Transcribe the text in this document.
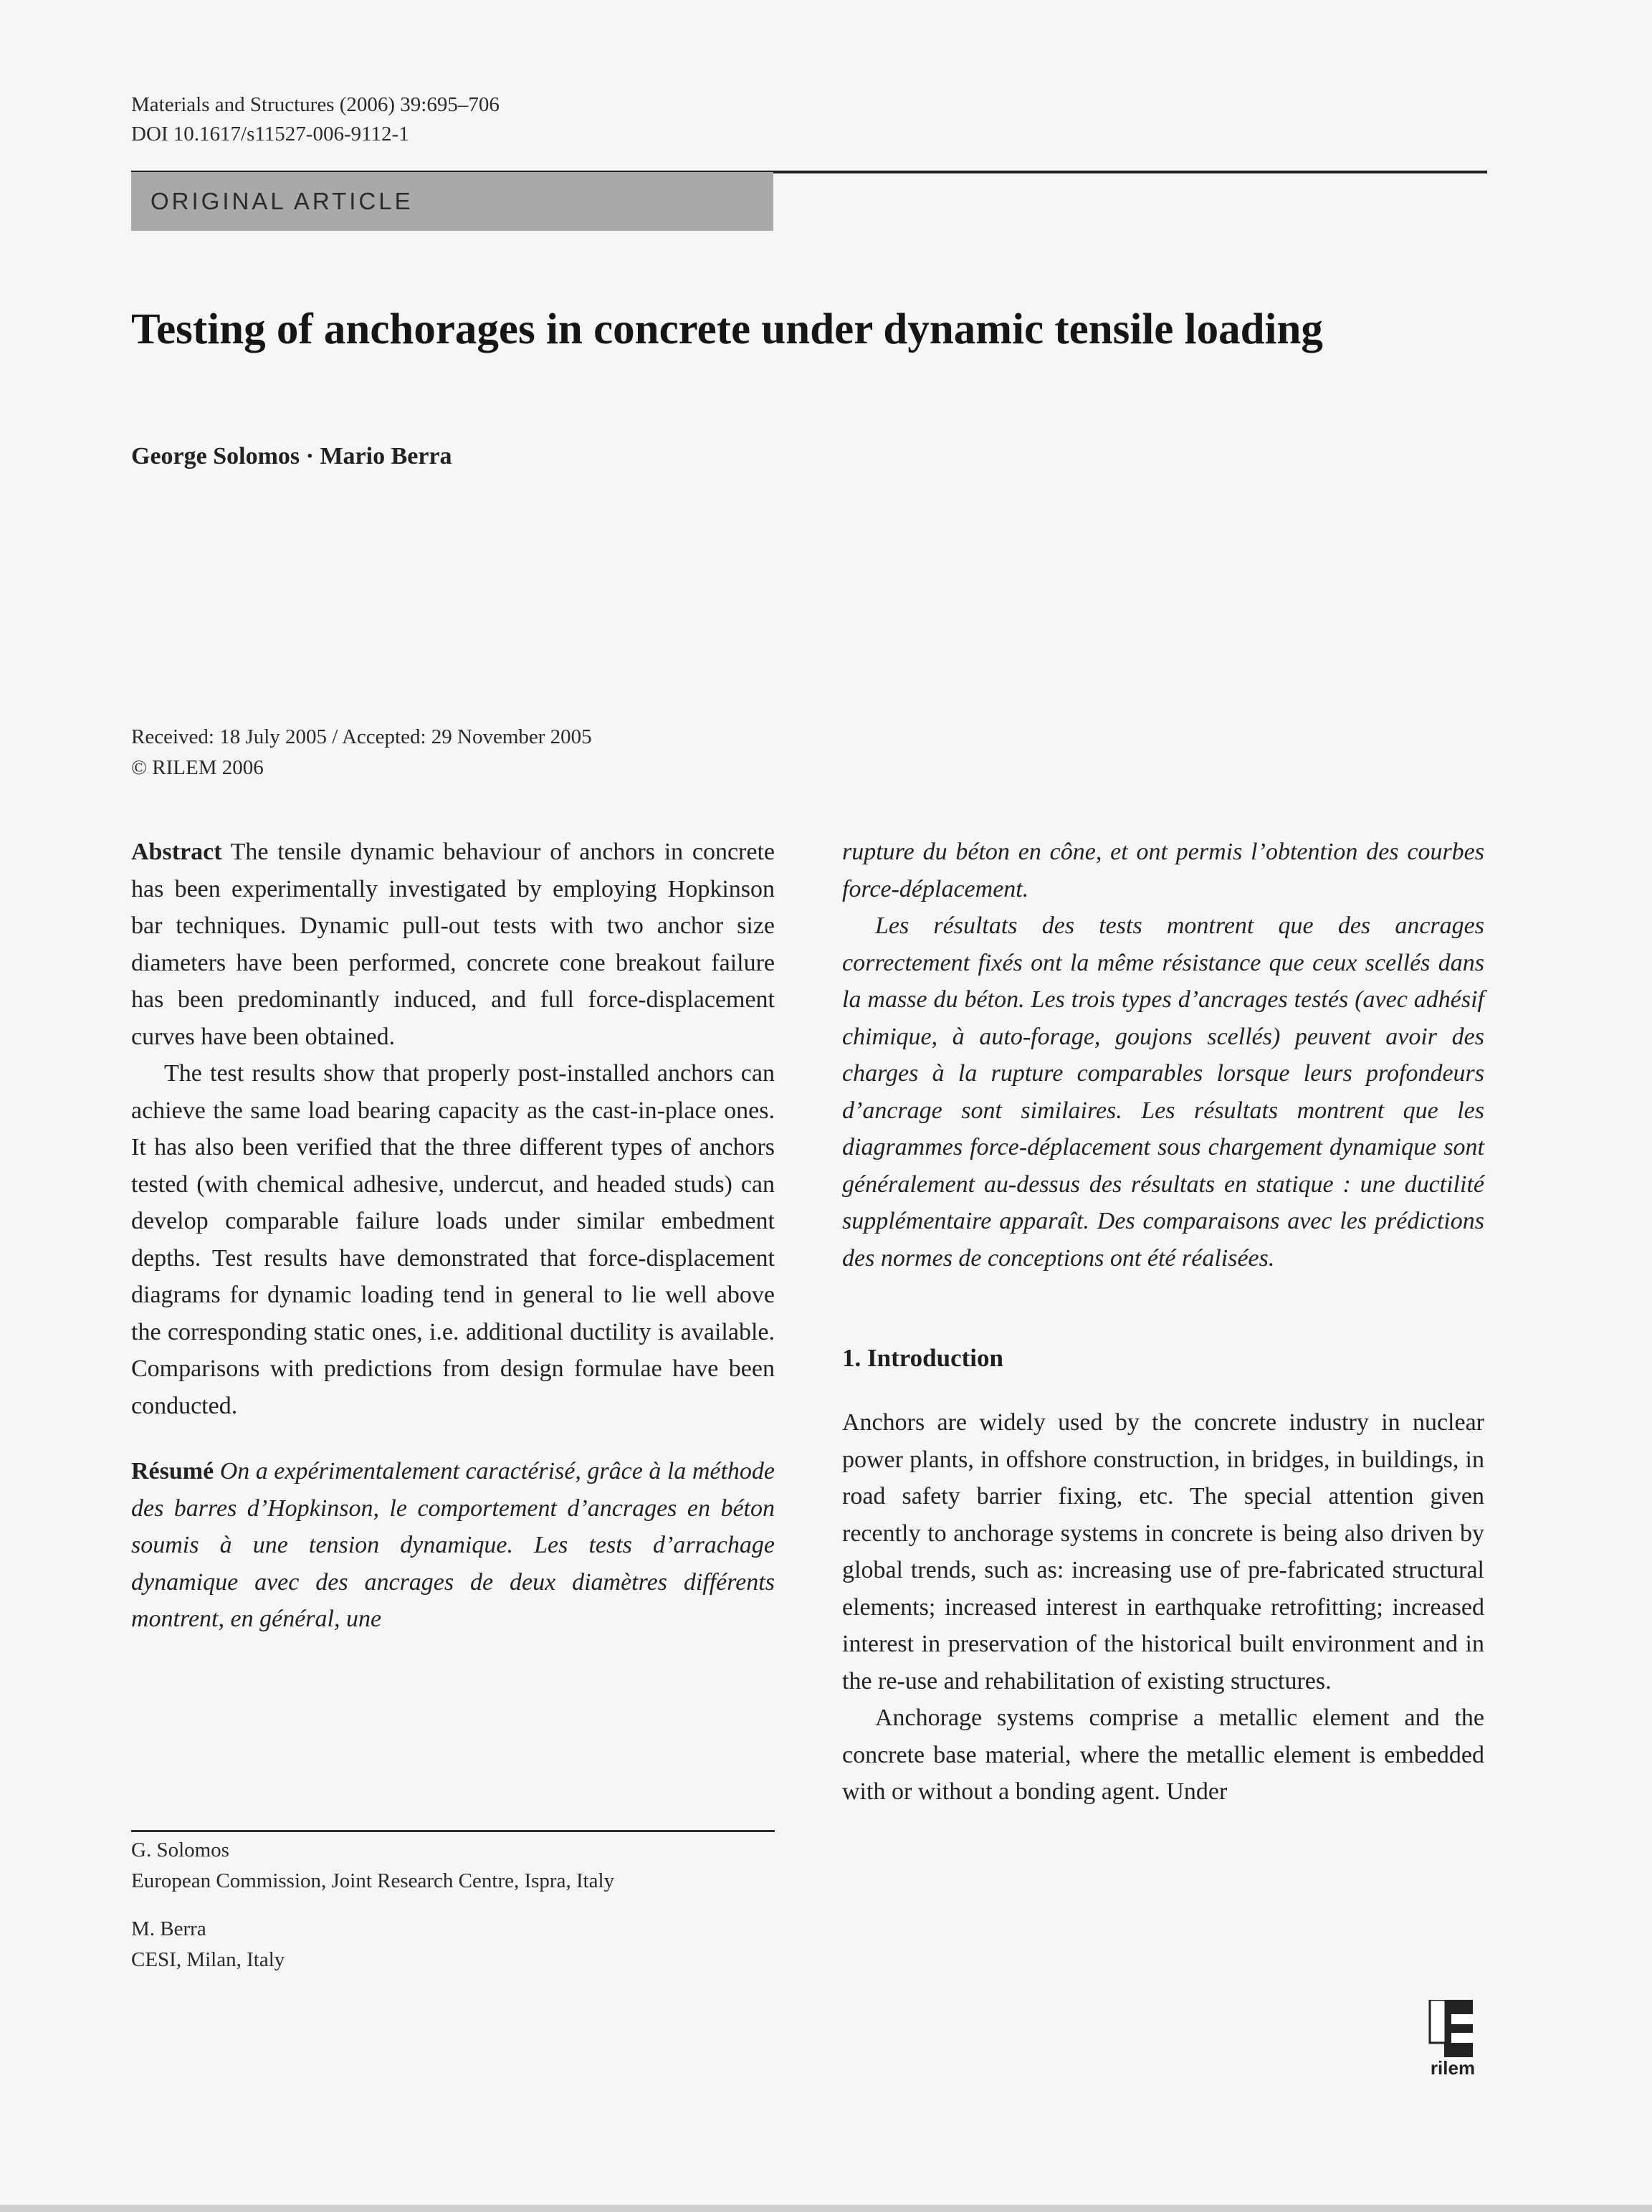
Materials and Structures (2006) 39:695–706
DOI 10.1617/s11527-006-9112-1
ORIGINAL ARTICLE
Testing of anchorages in concrete under dynamic tensile loading
George Solomos · Mario Berra
Received: 18 July 2005 / Accepted: 29 November 2005
© RILEM 2006

Abstract The tensile dynamic behaviour of anchors in concrete has been experimentally investigated by employing Hopkinson bar techniques. Dynamic pull-out tests with two anchor size diameters have been performed, concrete cone breakout failure has been predominantly induced, and full force-displacement curves have been obtained.

The test results show that properly post-installed anchors can achieve the same load bearing capacity as the cast-in-place ones. It has also been verified that the three different types of anchors tested (with chemical adhesive, undercut, and headed studs) can develop comparable failure loads under similar embedment depths. Test results have demonstrated that force-displacement diagrams for dynamic loading tend in general to lie well above the corresponding static ones, i.e. additional ductility is available. Comparisons with predictions from design formulae have been conducted.

Résumé On a expérimentalement caractérisé, grâce à la méthode des barres d’Hopkinson, le comportement d’ancrages en béton soumis à une tension dynamique. Les tests d’arrachage dynamique avec des ancrages de deux diamètres différents montrent, en général, une

G. Solomos
European Commission, Joint Research Centre, Ispra, Italy
M. Berra
CESI, Milan, Italy

rupture du béton en cône, et ont permis l’obtention des courbes force-déplacement.

Les résultats des tests montrent que des ancrages correctement fixés ont la même résistance que ceux scellés dans la masse du béton. Les trois types d’ancrages testés (avec adhésif chimique, à auto-forage, goujons scellés) peuvent avoir des charges à la rupture comparables lorsque leurs profondeurs d’ancrage sont similaires. Les résultats montrent que les diagrammes force-déplacement sous chargement dynamique sont généralement au-dessus des résultats en statique : une ductilité supplémentaire apparaît. Des comparaisons avec les prédictions des normes de conceptions ont été réalisées.

1. Introduction

Anchors are widely used by the concrete industry in nuclear power plants, in offshore construction, in bridges, in buildings, in road safety barrier fixing, etc. The special attention given recently to anchorage systems in concrete is being also driven by global trends, such as: increasing use of pre-fabricated structural elements; increased interest in earthquake retrofitting; increased interest in preservation of the historical built environment and in the re-use and rehabilitation of existing structures.

Anchorage systems comprise a metallic element and the concrete base material, where the metallic element is embedded with or without a bonding agent. Under

rilem
